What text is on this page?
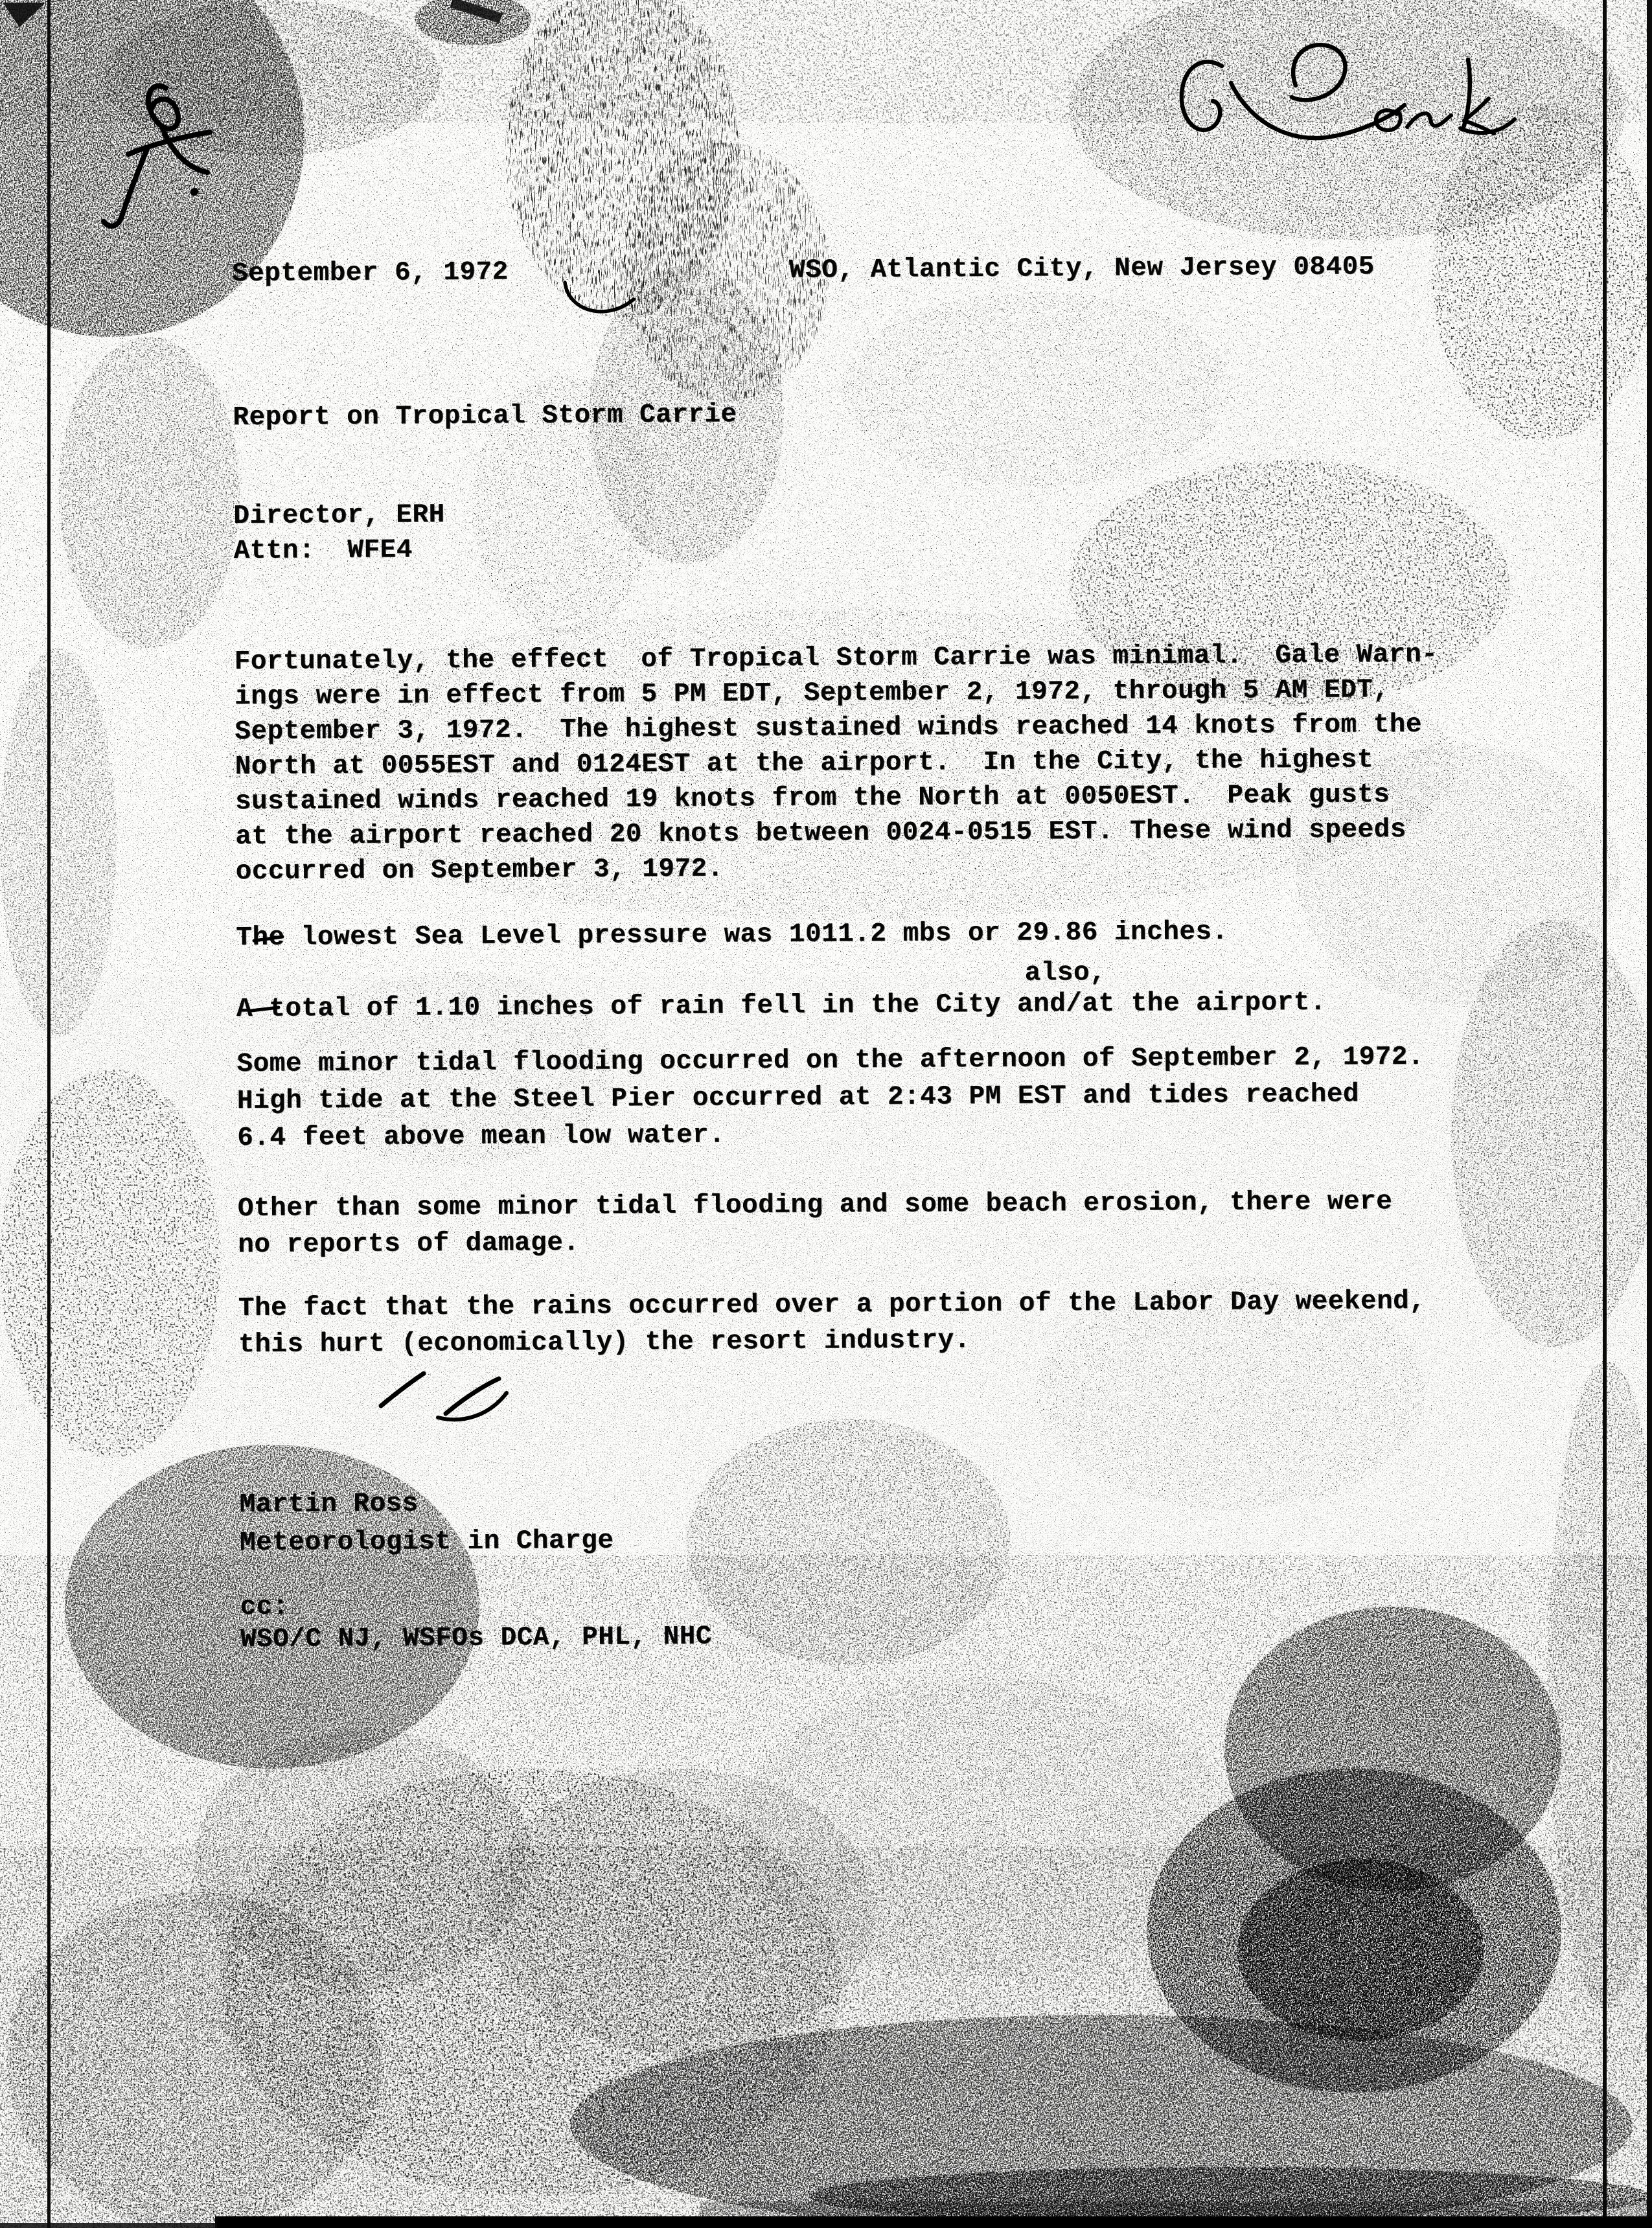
September 6, 1972	WSO, Atlantic City, New Jersey 08405
Report on Tropical Storm Carrie
Director, ERH
Attn:  WFE4
Fortunately, the effect  of Tropical Storm Carrie was minimal.  Gale Warn-
ings were in effect from 5 PM EDT, September 2, 1972, through 5 AM EDT,
September 3, 1972.  The highest sustained winds reached 14 knots from the
North at 0055EST and 0124EST at the airport.  In the City, the highest
sustained winds reached 19 knots from the North at 0050EST.  Peak gusts
at the airport reached 20 knots between 0024-0515 EST. These wind speeds
occurred on September 3, 1972.
The lowest Sea Level pressure was 1011.2 mbs or 29.86 inches.
also,
A total of 1.10 inches of rain fell in the City and/at the airport.
Some minor tidal flooding occurred on the afternoon of September 2, 1972.
High tide at the Steel Pier occurred at 2:43 PM EST and tides reached
6.4 feet above mean low water.
Other than some minor tidal flooding and some beach erosion, there were
no reports of damage.
The fact that the rains occurred over a portion of the Labor Day weekend,
this hurt (economically) the resort industry.
Martin Ross
Meteorologist in Charge
cc:
WSO/C NJ, WSFOs DCA, PHL, NHC
